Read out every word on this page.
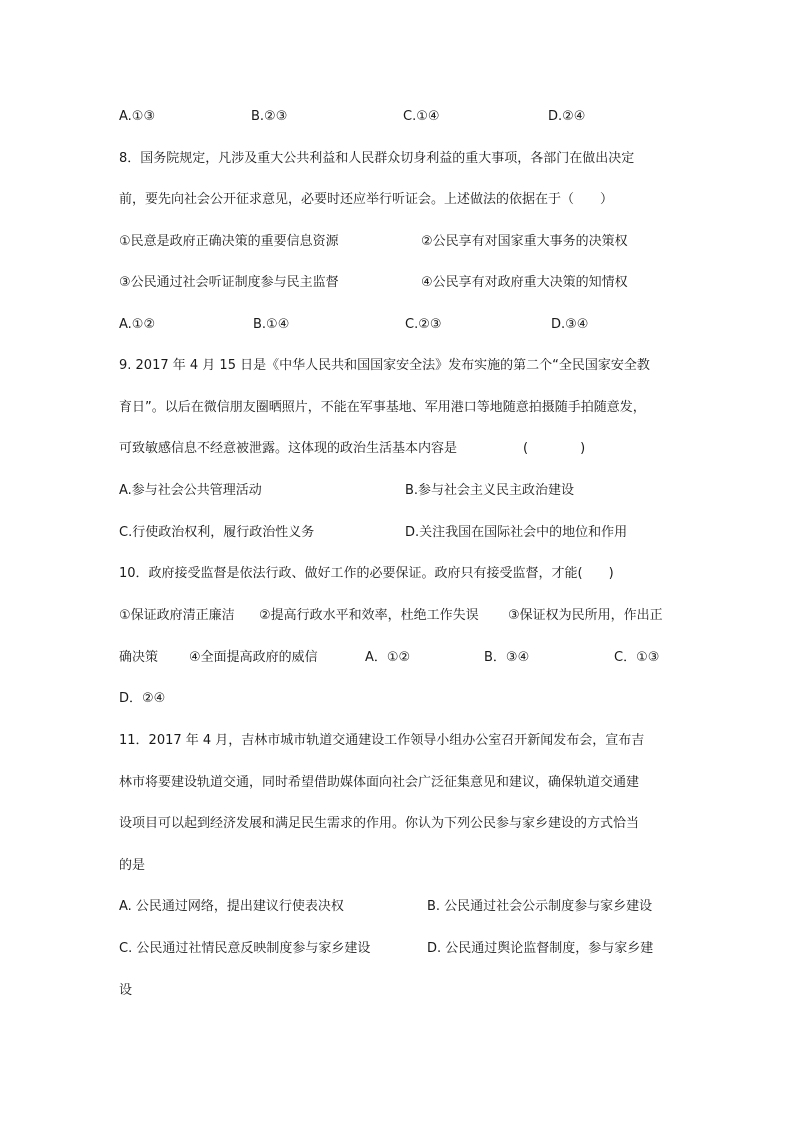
A.①③	B.②③	C.①④	D.②④
8．国务院规定，凡涉及重大公共利益和人民群众切身利益的重大事项，各部门在做出决定
前，要先向社会公开征求意见，必要时还应举行听证会。上述做法的依据在于（　　）
①民意是政府正确决策的重要信息资源	②公民享有对国家重大事务的决策权
③公民通过社会听证制度参与民主监督	④公民享有对政府重大决策的知情权
A.①②	B.①④	C.②③	D.③④
9. 2017 年 4 月 15 日是《中华人民共和国国家安全法》发布实施的第二个“全民国家安全教
育日”。以后在微信朋友圈晒照片，不能在军事基地、军用港口等地随意拍摄随手拍随意发，
可致敏感信息不经意被泄露。这体现的政治生活基本内容是	(　　　　)
A.参与社会公共管理活动	B.参与社会主义民主政治建设
C.行使政治权利，履行政治性义务	D.关注我国在国际社会中的地位和作用
10．政府接受监督是依法行政、做好工作的必要保证。政府只有接受监督，才能(　　)
①保证政府清正廉洁 ②提高行政水平和效率，杜绝工作失误 ③保证权为民所用，作出正
确决策 ④全面提高政府的威信	A．①②	B．③④	C．①③
D．②④
11．2017 年 4 月，吉林市城市轨道交通建设工作领导小组办公室召开新闻发布会，宣布吉
林市将要建设轨道交通，同时希望借助媒体面向社会广泛征集意见和建议，确保轨道交通建
设项目可以起到经济发展和满足民生需求的作用。你认为下列公民参与家乡建设的方式恰当
的是
A. 公民通过网络，提出建议行使表决权	B. 公民通过社会公示制度参与家乡建设
C. 公民通过社情民意反映制度参与家乡建设	D. 公民通过舆论监督制度，参与家乡建
设
